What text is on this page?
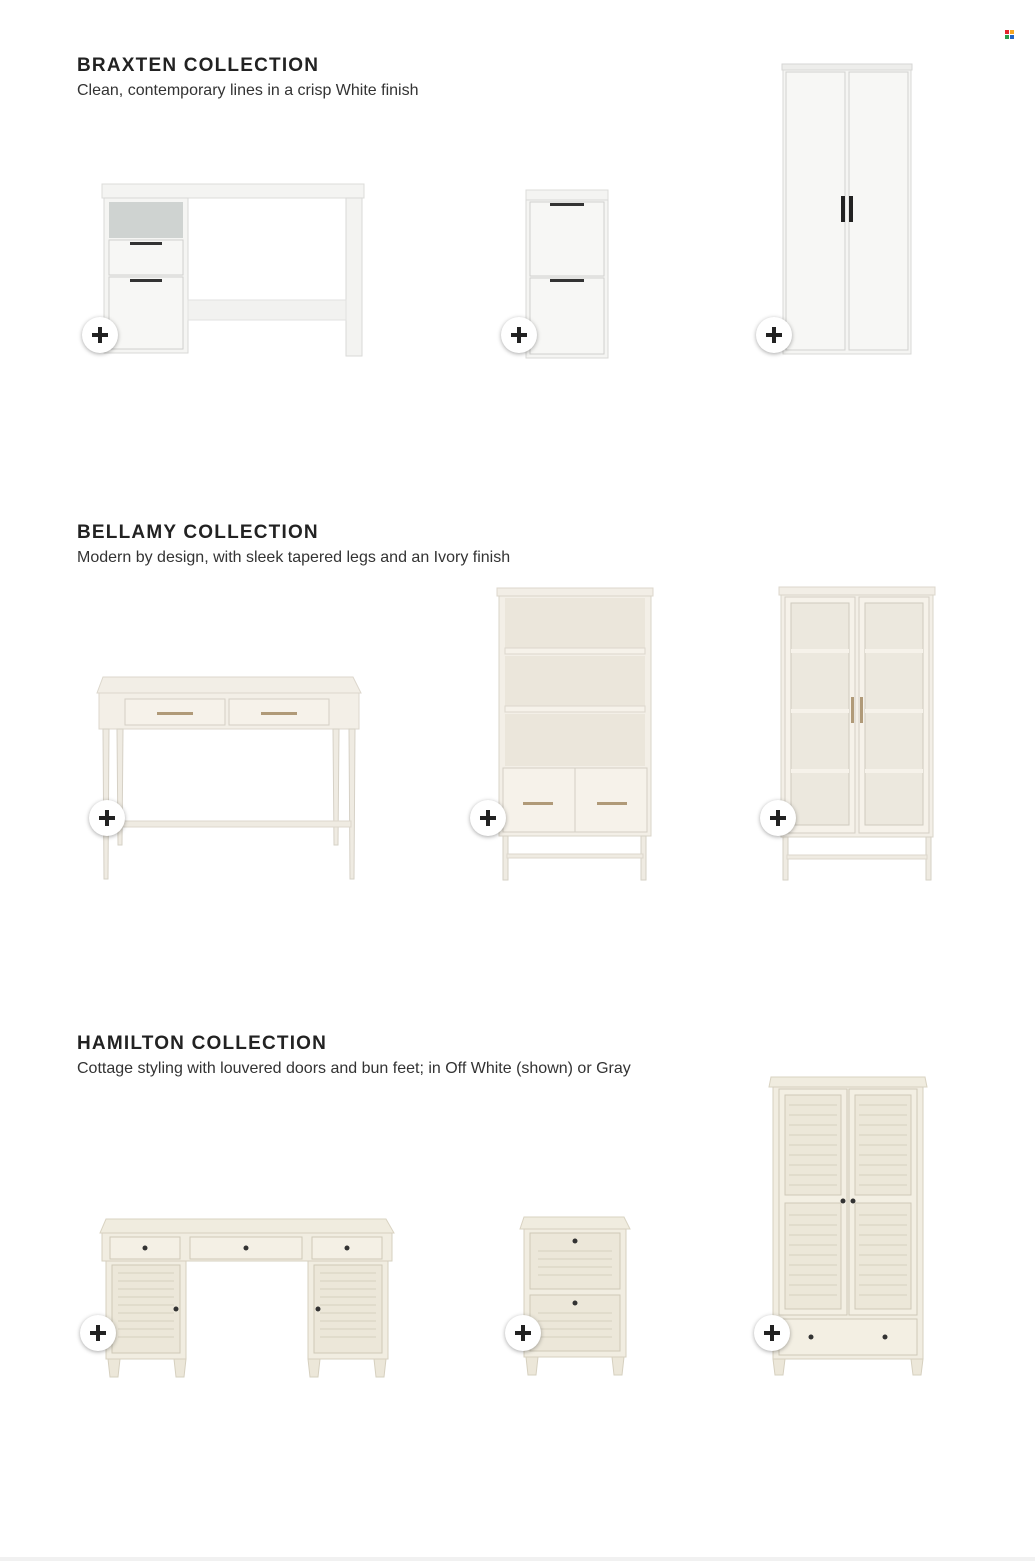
BRAXTEN COLLECTION

Clean, contemporary lines in a crisp White finish

BELLAMY COLLECTION

Modern by design, with sleek tapered legs and an Ivory finish

HAMILTON COLLECTION

Cottage styling with louvered doors and bun feet; in Off White (shown) or Gray
